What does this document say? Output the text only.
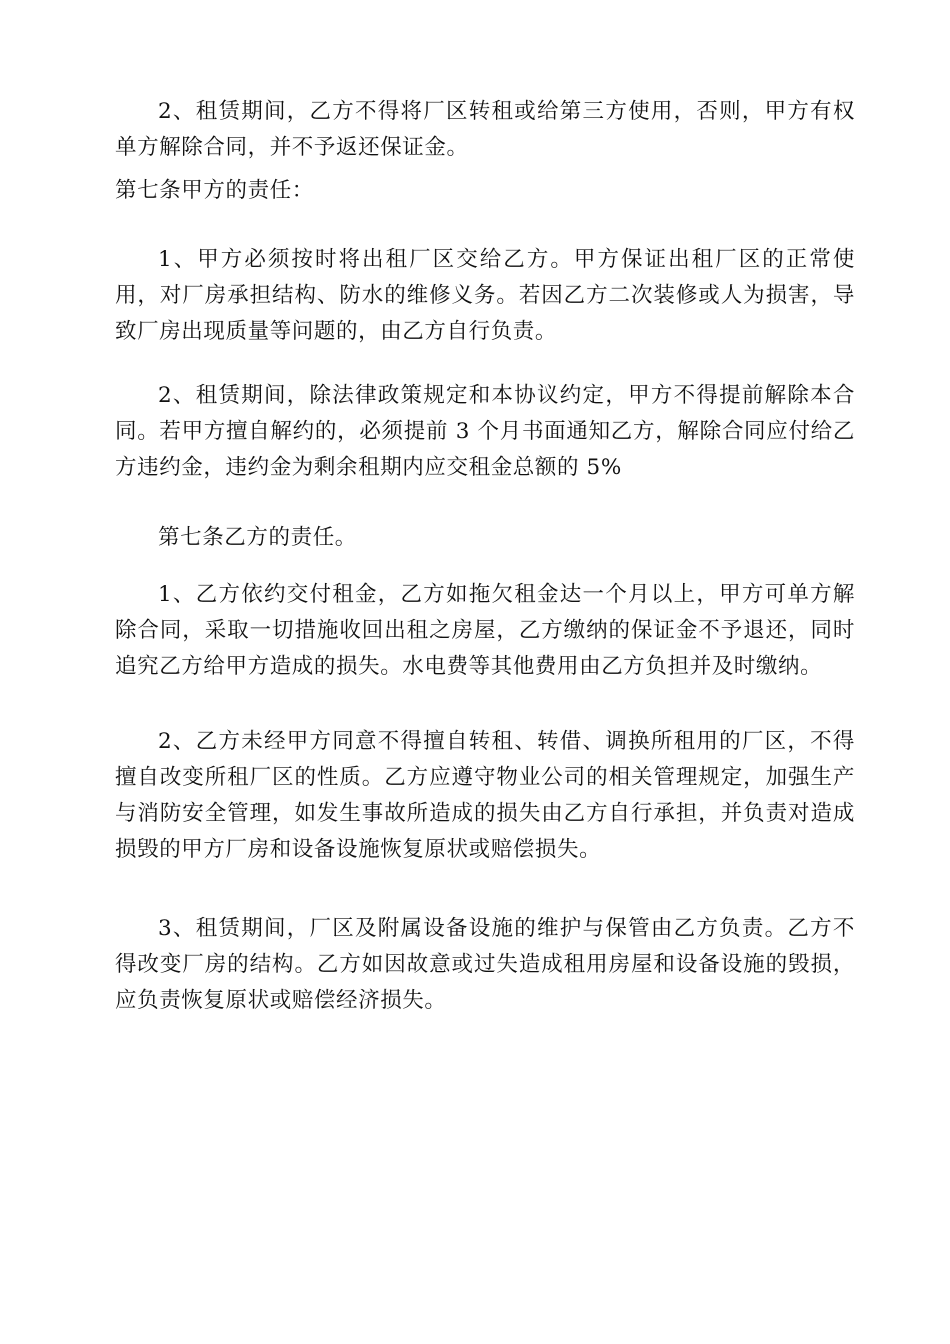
2、租赁期间，乙方不得将厂区转租或给第三方使用，否则，甲方有权单方解除合同，并不予返还保证金。

第七条甲方的责任：

1、甲方必须按时将出租厂区交给乙方。甲方保证出租厂区的正常使用，对厂房承担结构、防水的维修义务。若因乙方二次装修或人为损害，导致厂房出现质量等问题的，由乙方自行负责。

2、租赁期间，除法律政策规定和本协议约定，甲方不得提前解除本合同。若甲方擅自解约的，必须提前 3 个月书面通知乙方，解除合同应付给乙方违约金，违约金为剩余租期内应交租金总额的 5%

第七条乙方的责任。

1、乙方依约交付租金，乙方如拖欠租金达一个月以上，甲方可单方解除合同，采取一切措施收回出租之房屋，乙方缴纳的保证金不予退还，同时追究乙方给甲方造成的损失。水电费等其他费用由乙方负担并及时缴纳。

2、乙方未经甲方同意不得擅自转租、转借、调换所租用的厂区，不得擅自改变所租厂区的性质。乙方应遵守物业公司的相关管理规定，加强生产与消防安全管理，如发生事故所造成的损失由乙方自行承担，并负责对造成损毁的甲方厂房和设备设施恢复原状或赔偿损失。

3、租赁期间，厂区及附属设备设施的维护与保管由乙方负责。乙方不得改变厂房的结构。乙方如因故意或过失造成租用房屋和设备设施的毁损，应负责恢复原状或赔偿经济损失。
